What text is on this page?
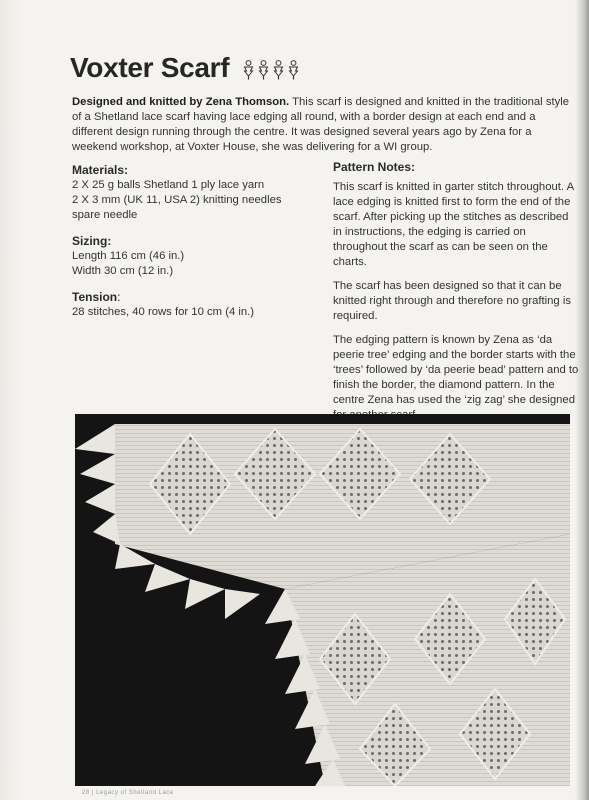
Voxter Scarf

Designed and knitted by Zena Thomson. This scarf is designed and knitted in the traditional style of a Shetland lace scarf having lace edging all round, with a border design at each end and a different design running through the centre. It was designed several years ago by Zena for a weekend workshop, at Voxter House, she was delivering for a WI group.

Materials:
2 X 25 g balls Shetland 1 ply lace yarn
2 X 3 mm (UK 11, USA 2) knitting needles
spare needle
Sizing:
Length 116 cm (46 in.)
Width 30 cm (12 in.)
Tension:
28 stitches, 40 rows for 10 cm (4 in.)
Pattern Notes:

This scarf is knitted in garter stitch throughout. A lace edging is knitted first to form the end of the scarf. After picking up the stitches as described in instructions, the edging is carried on throughout the scarf as can be seen on the charts.

The scarf has been designed so that it can be knitted right through and therefore no grafting is required.

The edging pattern is known by Zena as ‘da peerie tree’ edging and the border starts with the ‘trees’ followed by ‘da peerie bead’ pattern and to finish the border, the diamond pattern. In the centre Zena has used the ‘zig zag’ she designed

28 | Legacy of Shetland Lace
